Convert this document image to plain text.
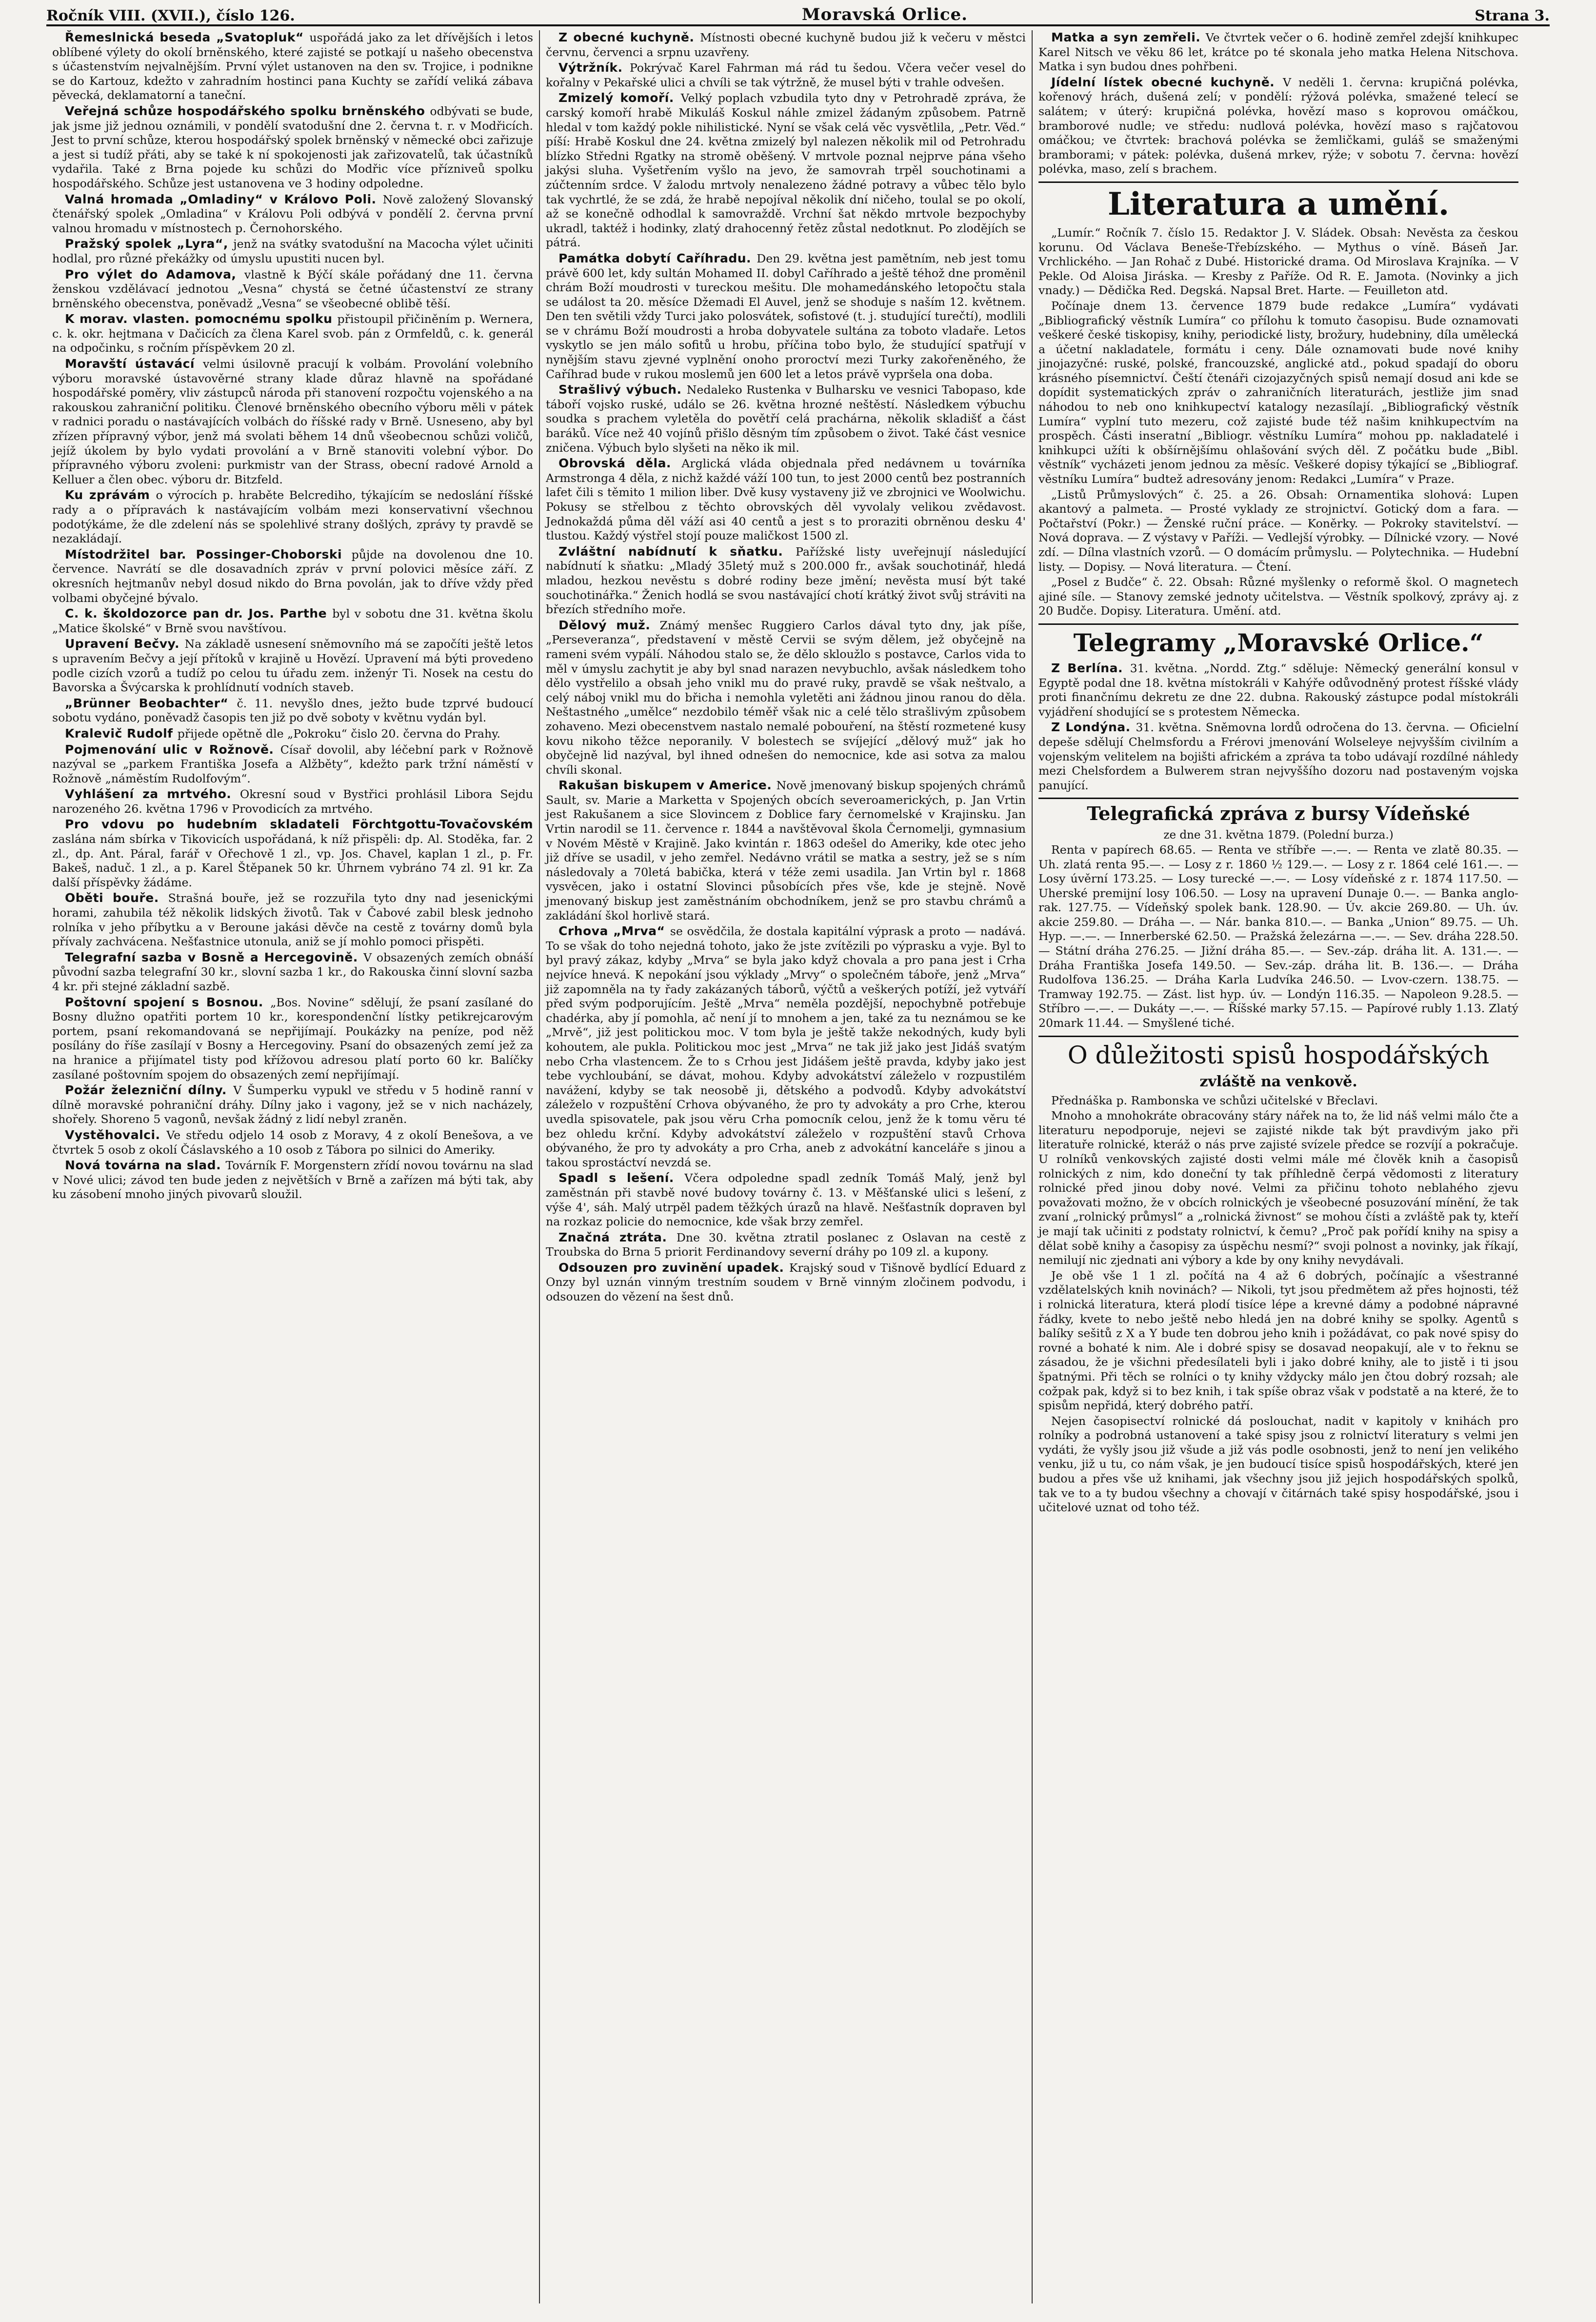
Ročník VIII. (XVII.), číslo 126.	Moravská Orlice.	Strana 3.

Řemeslnická beseda „Svatopluk“ uspořádá jako za let dřívějších i letos oblíbené výlety do okolí brněnského, které zajisté se potkají u našeho obecenstva s účastenstvím nejvalnějším. První výlet ustanoven na den sv. Trojice, i podnikne se do Kartouz, kdežto v zahradním hostinci pana Kuchty se zařídí veliká zábava pěvecká, deklamatorní a taneční.

Veřejná schůze hospodářského spolku brněnského odbývati se bude, jak jsme již jednou oznámili, v pondělí svatodušní dne 2. června t. r. v Modřicích. Jest to první schůze, kterou hospodářský spolek brněnský v německé obci zařizuje a jest si tudíž přáti, aby se také k ní spokojenosti jak zařizovatelů, tak účastníků vydařila. Také z Brna pojede ku schůzi do Modřic více přízniveů spolku hospodářského. Schůze jest ustanovena ve 3 hodiny odpoledne.

Valná hromada „Omladiny“ v Královo Poli. Nově založený Slovanský čtenářský spolek „Omladina“ v Královu Poli odbývá v pondělí 2. června první valnou hromadu v místnostech p. Černohorského.

Pražský spolek „Lyra“, jenž na svátky svatodušní na Macocha výlet učiniti hodlal, pro různé překážky od úmyslu upustiti nucen byl.

Pro výlet do Adamova, vlastně k Býčí skále pořádaný dne 11. června ženskou vzdělávací jednotou „Vesna“ chystá se četné účastenství ze strany brněnského obecenstva, poněvadž „Vesna“ se všeobecné oblibě těší.

K morav. vlasten. pomocnému spolku přistoupil přičiněním p. Wernera, c. k. okr. hejtmana v Dačicích za člena Karel svob. pán z Ormfeldů, c. k. generál na odpočinku, s ročním příspěvkem 20 zl.

Moravští ústavácí velmi úsilovně pracují k volbám. Provolání volebního výboru moravské ústavověrné strany klade důraz hlavně na spořádané hospodářské poměry, vliv zástupců národa při stanovení rozpočtu vojenského a na rakouskou zahraniční politiku. Členové brněnského obecního výboru měli v pátek v radnici poradu o nastávajících volbách do říšské rady v Brně. Usneseno, aby byl zřízen přípravný výbor, jenž má svolati během 14 dnů všeobecnou schůzi voličů, jejíž úkolem by bylo vydati provolání a v Brně stanoviti volební výbor. Do přípravného výboru zvoleni: purkmistr van der Strass, obecní radové Arnold a Kelluer a člen obec. výboru dr. Bitzfeld.

Ku zprávám o výrocích p. hraběte Belcrediho, týkajícím se nedoslání říšské rady a o přípravách k nastávajícím volbám mezi konservativní všechnou podotýkáme, že dle zdelení nás se spolehlivé strany došlých, zprávy ty pravdě se nezakládají.

Místodržitel bar. Possinger-Choborski půjde na dovolenou dne 10. července. Navrátí se dle dosavadních zpráv v první polovici měsíce září. Z okresních hejtmanův nebyl dosud nikdo do Brna povolán, jak to dříve vždy před volbami obyčejné bývalo.

C. k. školdozorce pan dr. Jos. Parthe byl v sobotu dne 31. května školu „Matice školské“ v Brně svou navštívou.

Upravení Bečvy. Na základě usnesení sněmovního má se započíti ještě letos s upravením Bečvy a její přítoků v krajině u Hovězí. Upravení má býti provedeno podle cizích vzorů a tudíž po celou tu úřadu zem. inženýr Ti. Nosek na cestu do Bavorska a Švýcarska k prohlídnutí vodních staveb.

„Brünner Beobachter“ č. 11. nevyšlo dnes, ježto bude tzprvé budoucí sobotu vydáno, poněvadž časopis ten již po dvě soboty v květnu vydán byl.

Kralevič Rudolf přijede opětně dle „Pokroku“ čislo 20. června do Prahy.

Pojmenování ulic v Rožnově. Císař dovolil, aby léčební park v Rožnově nazýval se „parkem Františka Josefa a Alžběty“, kdežto park tržní náměstí v Rožnově „náměstím Rudolfovým“.

Vyhlášení za mrtvého. Okresní soud v Bystřici prohlásil Libora Sejdu narozeného 26. května 1796 v Provodicích za mrtvého.

Pro vdovu po hudebním skladateli Förchtgottu-Tovačovském zaslána nám sbírka v Tikovicích uspořádaná, k níž přispěli: dp. Al. Stoděka, far. 2 zl., dp. Ant. Páral, farář v Ořechově 1 zl., vp. Jos. Chavel, kaplan 1 zl., p. Fr. Bakeš, naduč. 1 zl., a p. Karel Štěpanek 50 kr. Úhrnem vybráno 74 zl. 91 kr. Za další příspěvky žádáme.

Oběti bouře. Strašná bouře, jež se rozzuřila tyto dny nad jesenickými horami, zahubila též několik lidských životů. Tak v Čabové zabil blesk jednoho rolníka v jeho příbytku a v Beroune jakási děvče na cestě z továrny domů byla přívaly zachvácena. Nešťastnice utonula, aniž se jí mohlo pomoci přispěti.

Telegrafní sazba v Bosně a Hercegovině. V obsazených zemích obnáší původní sazba telegrafní 30 kr., slovní sazba 1 kr., do Rakouska činní slovní sazba 4 kr. při stejné základní sazbě.

Poštovní spojení s Bosnou. „Bos. Novine“ sdělují, že psaní zasílané do Bosny dlužno opatřiti portem 10 kr., korespondenční lístky petikrejcarovým portem, psaní rekomandovaná se nepřijímají. Poukázky na peníze, pod něž posílány do říše zasílají v Bosny a Hercegoviny. Psaní do obsazených zemí jež za na hranice a přijímatel tisty pod křížovou adresou platí porto 60 kr. Balíčky zasílané poštovním spojem do obsazených zemí nepřijímají.

Požár železniční dílny. V Šumperku vypukl ve středu v 5 hodině ranní v dílně moravské pohraniční dráhy. Dílny jako i vagony, jež se v nich nacházely, shořely. Shoreno 5 vagonů, nevšak žádný z lidí nebyl zraněn.

Vystěhovalci. Ve středu odjelo 14 osob z Moravy, 4 z okolí Benešova, a ve čtvrtek 5 osob z okolí Čáslavského a 10 osob z Tábora po silnici do Ameriky.

Nová továrna na slad. Továrník F. Morgenstern zřídí novou továrnu na slad v Nové ulici; závod ten bude jeden z největších v Brně a zařízen má býti tak, aby ku zásobení mnoho jiných pivovarů sloužil.

Z obecné kuchyně. Místnosti obecné kuchyně budou již k večeru v městci červnu, červenci a srpnu uzavřeny.

Výtržník. Pokrývač Karel Fahrman má rád tu šedou. Včera večer vesel do kořalny v Pekařské ulici a chvíli se tak výtržně, že musel býti v trahle odvešen.

Zmizelý komoří. Velký poplach vzbudila tyto dny v Petrohradě zpráva, že carský komoří hrabě Mikuláš Koskul náhle zmizel žádaným způsobem. Patrně hledal v tom každý pokle nihilistické. Nyní se však celá věc vysvětlila, „Petr. Věd.“ píší: Hrabě Koskul dne 24. května zmizelý byl nalezen několik mil od Petrohradu blízko Středni Rgatky na stromě oběšený. V mrtvole poznal nejprve pána všeho jakýsi sluha. Vyšetřením vyšlo na jevo, že samovrah trpěl souchotinami a zúčtenním srdce. V žalodu mrtvoly nenalezeno žádné potravy a vůbec tělo bylo tak vychrtlé, že se zdá, že hrabě nepojíval několik dní ničeho, toulal se po okolí, až se konečně odhodlal k samovraždě. Vrchní šat někdo mrtvole bezpochyby ukradl, taktéž i hodinky, zlatý drahocenný řetěz zůstal nedotknut. Po zlodějích se pátrá.

Památka dobytí Caříhradu. Den 29. května jest pamětním, neb jest tomu právě 600 let, kdy sultán Mohamed II. dobyl Caříhrado a ještě téhož dne proměnil chrám Boží moudrosti v tureckou mešitu. Dle mohamedánského letopočtu stala se událost ta 20. měsíce Džemadi El Auvel, jenž se shoduje s naším 12. květnem. Den ten světili vždy Turci jako polosvátek, sofistové (t. j. studující turečtí), modlili se v chrámu Boží moudrosti a hroba dobyvatele sultána za toboto vladaře. Letos vyskytlo se jen málo sofitů u hrobu, příčina tobo bylo, že studující spatřují v nynějším stavu zjevné vyplnění onoho proroctví mezi Turky zakořeněného, že Caříhrad bude v rukou moslemů jen 600 let a letos právě vypršela ona doba.

Strašlivý výbuch. Nedaleko Rustenka v Bulharsku ve vesnici Tabopaso, kde táboří vojsko ruské, událo se 26. května hrozné neštěstí. Následkem výbuchu soudka s prachem vyletěla do povětří celá prachárna, několik skladišť a část baráků. Více než 40 vojínů přišlo děsným tím způsobem o život. Také část vesnice zničena. Výbuch bylo slyšeti na něko ik mil.

Obrovská děla. Arglická vláda objednala před nedávnem u továrníka Armstronga 4 děla, z nichž každé váží 100 tun, to jest 2000 centů bez postranních lafet čili s těmito 1 milion liber. Dvě kusy vystaveny již ve zbrojnici ve Woolwichu. Pokusy se střelbou z těchto obrovských děl vyvolaly velikou zvědavost. Jednokaždá půma děl váží asi 40 centů a jest s to proraziti obrněnou desku 4' tlustou. Každý výstřel stojí pouze maličkost 1500 zl.

Zvláštní nabídnutí k sňatku. Pařížské listy uveřejnují následující nabídnutí k sňatku: „Mladý 35letý muž s 200.000 fr., avšak souchotinář, hledá mladou, hezkou nevěstu s dobré rodiny beze jmění; nevěsta musí být také souchotinářka.“ Ženich hodlá se svou nastávající chotí krátký život svůj stráviti na březích středního moře.

Dělový muž. Známý menšec Ruggiero Carlos dával tyto dny, jak píše, „Perseveranza“, představení v městě Cervii se svým dělem, jež obyčejně na rameni svém vypálí. Náhodou stalo se, že dělo skloužlo s postavce, Carlos vida to měl v úmyslu zachytit je aby byl snad narazen nevybuchlo, avšak následkem toho dělo vystřelilo a obsah jeho vnikl mu do pravé ruky, pravdě se však neštvalo, a celý náboj vnikl mu do břicha i nemohla vyletěti ani žádnou jinou ranou do děla. Neštastného „umělce“ nezdobilo téměř však nic a celé tělo strašlivým způsobem zohaveno. Mezi obecenstvem nastalo nemalé pobouření, na štěstí rozmetené kusy kovu nikoho těžce neporanily. V bolestech se svíjející „dělový muž“ jak ho obyčejně lid nazýval, byl ihned odnešen do nemocnice, kde asi sotva za malou chvíli skonal.

Rakušan biskupem v Americe. Nově jmenovaný biskup spojených chrámů Sault, sv. Marie a Marketta v Spojených obcích severoamerických, p. Jan Vrtin jest Rakušanem a sice Slovincem z Doblice fary černomelské v Krajinsku. Jan Vrtin narodil se 11. července r. 1844 a navštěvoval škola Černomelji, gymnasium v Novém Městě v Krajině. Jako kvintán r. 1863 odešel do Ameriky, kde otec jeho již dříve se usadil, v jeho zemřel. Nedávno vrátil se matka a sestry, jež se s ním následovaly a 70letá babička, která v téže zemi usadila. Jan Vrtin byl r. 1868 vysvěcen, jako i ostatní Slovinci působících přes vše, kde je stejně. Nově jmenovaný biskup jest zaměstnáním obchodníkem, jenž se pro stavbu chrámů a zakládání škol horlivě stará.

Crhova „Mrva“ se osvědčila, že dostala kapitální výprask a proto — nadává. To se však do toho nejedná tohoto, jako že jste zvítězili po výprasku a vyje. Byl to byl pravý zákaz, kdyby „Mrva“ se byla jako když chovala a pro pana jest i Crha nejvíce hnevá. K nepokání jsou výklady „Mrvy“ o společném táboře, jenž „Mrva“ již zapomněla na ty řady zakázaných táborů, výčtů a veškerých potíží, jež vytváří před svým podporujícím. Ještě „Mrva“ neměla pozdější, nepochybně potřebuje chadérka, aby jí pomohla, ač není jí to mnohem a jen, také za tu neznámou se ke „Mrvě“, již jest politickou moc. V tom byla je ještě takže nekodných, kudy byli kohoutem, ale pukla. Politickou moc jest „Mrva“ ne tak již jako jest Jidáš svatým nebo Crha vlastencem. Že to s Crhou jest Jidášem ještě pravda, kdyby jako jest tebe vychloubání, se dávat, mohou. Kdyby advokátství záleželo v rozpustilém navážení, kdyby se tak neosobě ji, dětského a podvodů. Kdyby advokátství záleželo v rozpuštění Crhova obývaného, že pro ty advokáty a pro Crhe, kterou uvedla spisovatele, pak jsou věru Crha pomocník celou, jenž že k tomu věru té bez ohledu krční. Kdyby advokátství záleželo v rozpuštění stavů Crhova obývaného, že pro ty advokáty a pro Crha, aneb z advokátní kanceláře s jinou a takou sprostáctví nevzdá se.

Spadl s lešení. Včera odpoledne spadl zedník Tomáš Malý, jenž byl zaměstnán při stavbě nové budovy továrny č. 13. v Měšťanské ulici s lešení, z výše 4', sáh. Malý utrpěl padem těžkých úrazů na hlavě. Nešťastník dopraven byl na rozkaz policie do nemocnice, kde však brzy zemřel.

Značná ztráta. Dne 30. května ztratil poslanec z Oslavan na cestě z Troubska do Brna 5 priorit Ferdinandovy severní dráhy po 109 zl. a kupony.

Odsouzen pro zuvinění upadek. Krajský soud v Tišnově bydlící Eduard z Onzy byl uznán vinným trestním soudem v Brně vinným zločinem podvodu, i odsouzen do vězení na šest dnů.

Matka a syn zemřeli. Ve čtvrtek večer o 6. hodině zemřel zdejší knihkupec Karel Nitsch ve věku 86 let, krátce po té skonala jeho matka Helena Nitschova. Matka i syn budou dnes pohřbeni.

Jídelní lístek obecné kuchyně. V neděli 1. června: krupičná polévka, kořenový hrách, dušená zelí; v pondělí: rýžová polévka, smažené telecí se salátem; v úterý: krupičná polévka, hovězí maso s koprovou omáčkou, bramborové nudle; ve středu: nudlová polévka, hovězí maso s rajčatovou omáčkou; ve čtvrtek: brachová polévka se žemličkami, guláš se smaženými bramborami; v pátek: polévka, dušená mrkev, rýže; v sobotu 7. června: hovězí polévka, maso, zelí s brachem.

Literatura a umění.

„Lumír.“ Ročník 7. číslo 15. Redaktor J. V. Sládek. Obsah: Nevěsta za českou korunu. Od Václava Beneše-Třebízského. — Mythus o víně. Báseň Jar. Vrchlického. — Jan Rohač z Dubé. Historické drama. Od Miroslava Krajníka. — V Pekle. Od Aloisa Jiráska. — Kresby z Paříže. Od R. E. Jamota. (Novinky a jich vnady.) — Dědička Red. Degská. Napsal Bret. Harte. — Feuilleton atd.

Počínaje dnem 13. července 1879 bude redakce „Lumíra“ vydávati „Bibliografický věstník Lumíra“ co přílohu k tomuto časopisu. Bude oznamovati veškeré české tiskopisy, knihy, periodické listy, brožury, hudebniny, díla umělecká a účetní nakladatele, formátu i ceny. Dále oznamovati bude nové knihy jinojazyčné: ruské, polské, francouzské, anglické atd., pokud spadají do oboru krásného písemnictví. Čeští čtenáři cizojazyčných spisů nemají dosud ani kde se dopídit systematických zpráv o zahraničních literaturách, jestliže jim snad náhodou to neb ono knihkupectví katalogy nezasílají. „Bibliografický věstník Lumíra“ vyplní tuto mezeru, což zajisté bude též našim knihkupectvím na prospěch. Části inseratní „Bibliogr. věstníku Lumíra“ mohou pp. nakladatelé i knihkupci užíti k obšírnějšímu ohlašování svých děl. Z počátku bude „Bibl. věstník“ vycházeti jenom jednou za měsíc. Veškeré dopisy týkající se „Bibliograf. věstníku Lumíra“ budtež adresovány jenom: Redakci „Lumíra“ v Praze.

„Listů Průmyslových“ č. 25. a 26. Obsah: Ornamentika slohová: Lupen akantový a palmeta. — Prosté vyklady ze strojnictví. Gotický dom a fara. — Počtařství (Pokr.) — Ženské ruční práce. — Koněrky. — Pokroky stavitelství. — Nová doprava. — Z výstavy v Paříži. — Vedlejší výrobky. — Dílnické vzory. — Nové zdí. — Dílna vlastních vzorů. — O domácím průmyslu. — Polytechnika. — Hudební listy. — Dopisy. — Nová literatura. — Čtení.

„Posel z Budče“ č. 22. Obsah: Různé myšlenky o reformě škol. O magnetech ajiné síle. — Stanovy zemské jednoty učitelstva. — Věstník spolkový, zprávy aj. z 20 Budče. Dopisy. Literatura. Umění. atd.

Telegramy „Moravské Orlice.“

Z Berlína. 31. května. „Nordd. Ztg.“ sděluje: Německý generální konsul v Egyptě podal dne 18. května místokráli v Kahýře odůvodněný protest říšské vlády proti finančnímu dekretu ze dne 22. dubna. Rakouský zástupce podal místokráli vyjádření shodující se s protestem Německa.

Z Londýna. 31. května. Sněmovna lordů odročena do 13. června. — Oficielní depeše sdělují Chelmsfordu a Frérovi jmenování Wolseleye nejvyšším civilním a vojenským velitelem na bojišti africkém a zpráva ta tobo udávají rozdílné náhledy mezi Chelsfordem a Bulwerem stran nejvyššího dozoru nad postaveným vojska panující.

Telegrafická zpráva z bursy Vídeňské
ze dne 31. května 1879. (Polední burza.)

Renta v papírech 68.65. — Renta ve stříbře —.—. — Renta ve zlatě 80.35. — Uh. zlatá renta 95.—. — Losy z r. 1860 ½ 129.—. — Losy z r. 1864 celé 161.—. — Losy úvěrní 173.25. — Losy turecké —.—. — Losy vídeňské z r. 1874 117.50. — Uherské premijní losy 106.50. — Losy na upravení Dunaje 0.—. — Banka anglo-rak. 127.75. — Vídeňský spolek bank. 128.90. — Úv. akcie 269.80. — Uh. úv. akcie 259.80. — Dráha —. — Nár. banka 810.—. — Banka „Union“ 89.75. — Uh. Hyp. —.—. — Innerberské 62.50. — Pražská železárna —.—. — Sev. dráha 228.50. — Státní dráha 276.25. — Jižní dráha 85.—. — Sev.-záp. dráha lit. A. 131.—. — Dráha Františka Josefa 149.50. — Sev.-záp. dráha lit. B. 136.—. — Dráha Rudolfova 136.25. — Dráha Karla Ludvíka 246.50. — Lvov-czern. 138.75. — Tramway 192.75. — Zást. list hyp. úv. — Londýn 116.35. — Napoleon 9.28.5. — Stříbro —.—. — Dukáty —.—. — Říšské marky 57.15. — Papírové rubly 1.13. Zlatý 20mark 11.44. — Smyšlené tiché.

O důležitosti spisů hospodářských
zvláště na venkově.

Přednáška p. Rambonska ve schůzi učitelské v Břeclavi.

Mnoho a mnohokráte obracovány stáry nářek na to, že lid náš velmi málo čte a literaturu nepodporuje, nejevi se zajisté nikde tak být pravdivým jako při literatuře rolnické, kteráž o nás prve zajisté svízele předce se rozvíjí a pokračuje. U rolníků venkovských zajisté dosti velmi mále mé člověk knih a časopisů rolnických z nim, kdo doneční ty tak příhledně čerpá vědomosti z literatury rolnické před jinou doby nové. Velmi za přičinu tohoto neblahého zjevu považovati možno, že v obcích rolnických je všeobecné posuzování mínění, že tak zvaní „rolnický průmysl“ a „rolnická živnost“ se mohou čísti a zvláště pak ty, kteří je mají tak učiniti z podstaty rolnictví, k čemu? „Proč pak pořídí knihy na spisy a dělat sobě knihy a časopisy za úspěchu nesmí?“ svoji polnost a novinky, jak říkají, nemilují nic zjednati ani výbory a kde by ony knihy nevydávali.

Je obě vše 1 1 zl. počítá na 4 až 6 dobrých, počínajíc a všestranné vzdělatelských knih novinách? — Nikoli, tyt jsou předmětem až přes hojnosti, též i rolnická literatura, která plodí tisíce lépe a krevné dámy a podobné nápravné řádky, kvete to nebo ještě nebo hledá jen na dobré knihy se spolky. Agentů s balíky sešitů z X a Y bude ten dobrou jeho knih i požádávat, co pak nové spisy do rovné a bohaté k nim. Ale i dobré spisy se dosavad neopakují, ale v to řeknu se zásadou, že je všichni předesílateli byli i jako dobré knihy, ale to jistě i ti jsou špatnými. Při těch se rolníci o ty knihy vždycky málo jen čtou dobrý rozsah; ale cožpak pak, když si to bez knih, i tak spíše obraz však v podstatě a na které, že to spisům nepřidá, který dobrého patří.

Nejen časopisectví rolnické dá poslouchat, nadit v kapitoly v knihách pro rolníky a podrobná ustanovení a také spisy jsou z rolnictví literatury s velmi jen vydáti, že vyšly jsou již všude a již vás podle osobnosti, jenž to není jen velikého venku, již u tu, co nám však, je jen budoucí tisíce spisů hospodářských, které jen budou a přes vše už knihami, jak všechny jsou již jejich hospodářských spolků, tak ve to a ty budou všechny a chovají v čitárnách také spisy hospodářské, jsou i učitelové uznat od toho též.
